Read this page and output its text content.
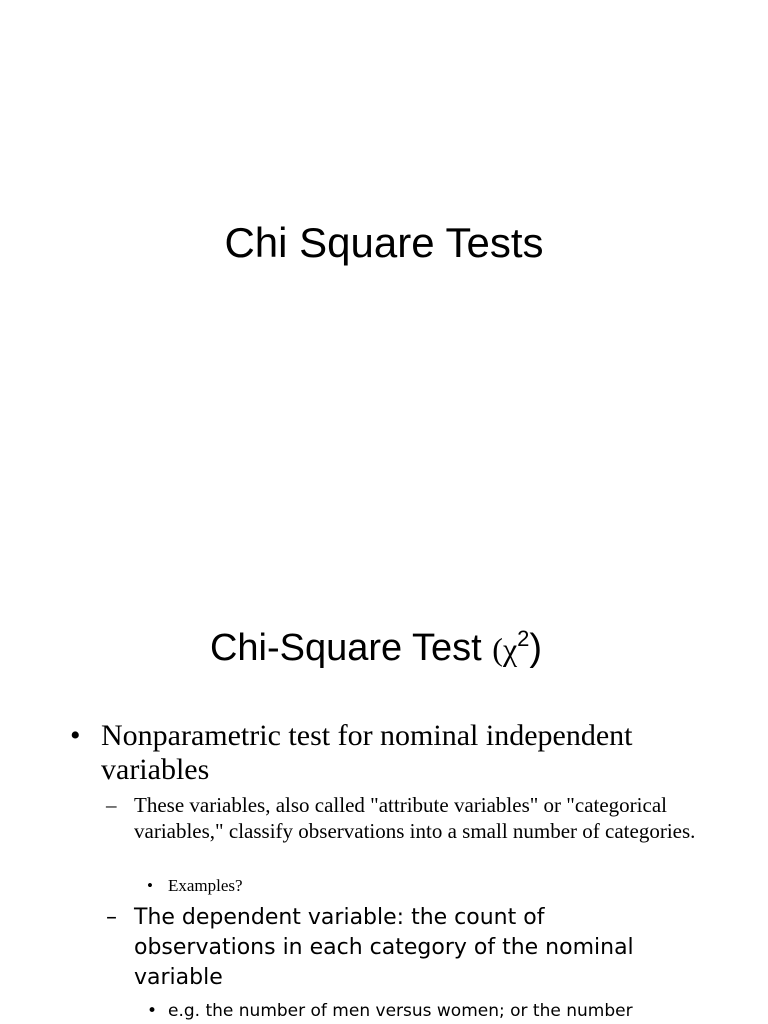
Chi Square Tests
Chi-Square Test $(\chi^2)$
• Nonparametric test for nominal independent variables
– These variables, also called "attribute variables" or "categorical variables," classify observations into a small number of categories.
• Examples?
– The dependent variable: the count of observations in each category of the nominal variable
• e.g. the number of men versus women; or the number
